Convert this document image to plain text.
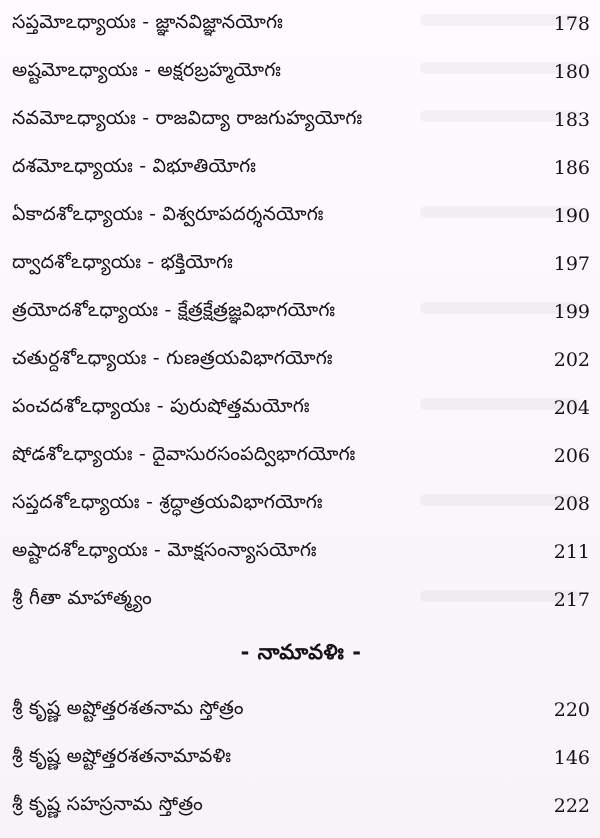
సప్తమోఽధ్యాయః - జ్ఞానవిజ్ఞానయోగః	178
అష్టమోఽధ్యాయః - అక్షరబ్రహ్మయోగః	180
నవమోఽధ్యాయః - రాజవిద్యా రాజగుహ్యయోగః	183
దశమోఽధ్యాయః - విభూతియోగః	186
ఏకాదశోఽధ్యాయః - విశ్వరూపదర్శనయోగః	190
ద్వాదశోఽధ్యాయః - భక్తియోగః	197
త్రయోదశోఽధ్యాయః - క్షేత్రక్షేత్రజ్ఞవిభాగయోగః	199
చతుర్దశోఽధ్యాయః - గుణత్రయవిభాగయోగః	202
పంచదశోఽధ్యాయః - పురుషోత్తమయోగః	204
షోడశోఽధ్యాయః - దైవాసురసంపద్విభాగయోగః	206
సప్తదశోఽధ్యాయః - శ్రద్ధాత్రయవిభాగయోగః	208
అష్టాదశోఽధ్యాయః - మోక్షసంన్యాసయోగః	211
శ్రీ గీతా మాహాత్మ్యం	217
- నామావళిః -
శ్రీ కృష్ణ అష్టోత్తరశతనామ స్తోత్రం	220
శ్రీ కృష్ణ అష్టోత్తరశతనామావళిః	146
శ్రీ కృష్ణ సహస్రనామ స్తోత్రం	222
